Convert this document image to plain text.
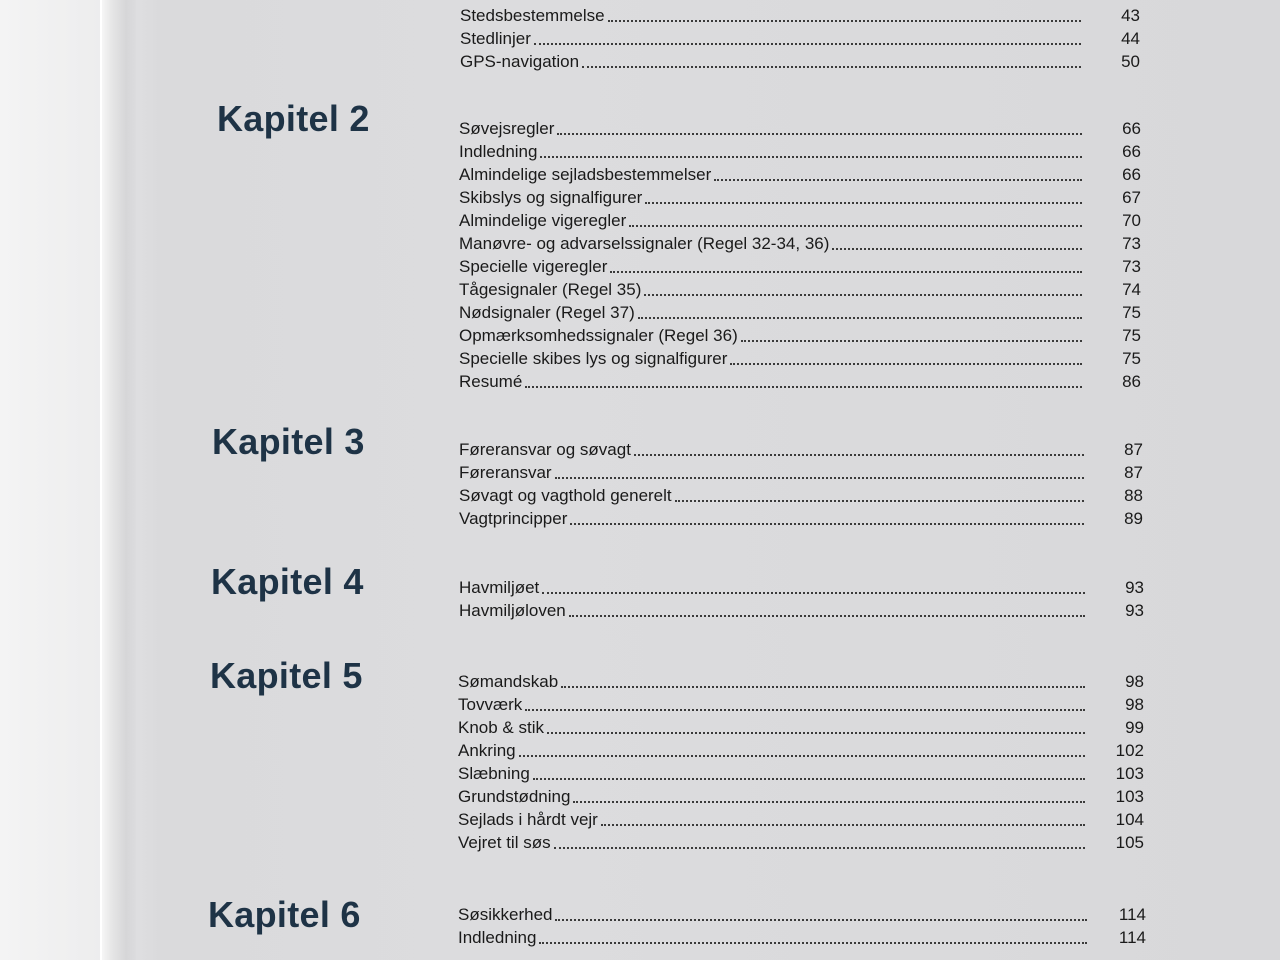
Stedsbestemmelse	43
Stedlinjer	44
GPS-navigation	50
Kapitel 2	Søvejsregler	66
Indledning	66
Almindelige sejladsbestemmelser	66
Skibslys og signalfigurer	67
Almindelige vigeregler	70
Manøvre- og advarselssignaler (Regel 32-34, 36)	73
Specielle vigeregler	73
Tågesignaler (Regel 35)	74
Nødsignaler (Regel 37)	75
Opmærksomhedssignaler (Regel 36)	75
Specielle skibes lys og signalfigurer	75
Resumé	86
Kapitel 3	Føreransvar og søvagt	87
Føreransvar	87
Søvagt og vagthold generelt	88
Vagtprincipper	89
Kapitel 4	Havmiljøet	93
Havmiljøloven	93
Kapitel 5	Sømandskab	98
Tovværk	98
Knob & stik	99
Ankring	102
Slæbning	103
Grundstødning	103
Sejlads i hårdt vejr	104
Vejret til søs	105
Kapitel 6	Søsikkerhed	114
Indledning	114
